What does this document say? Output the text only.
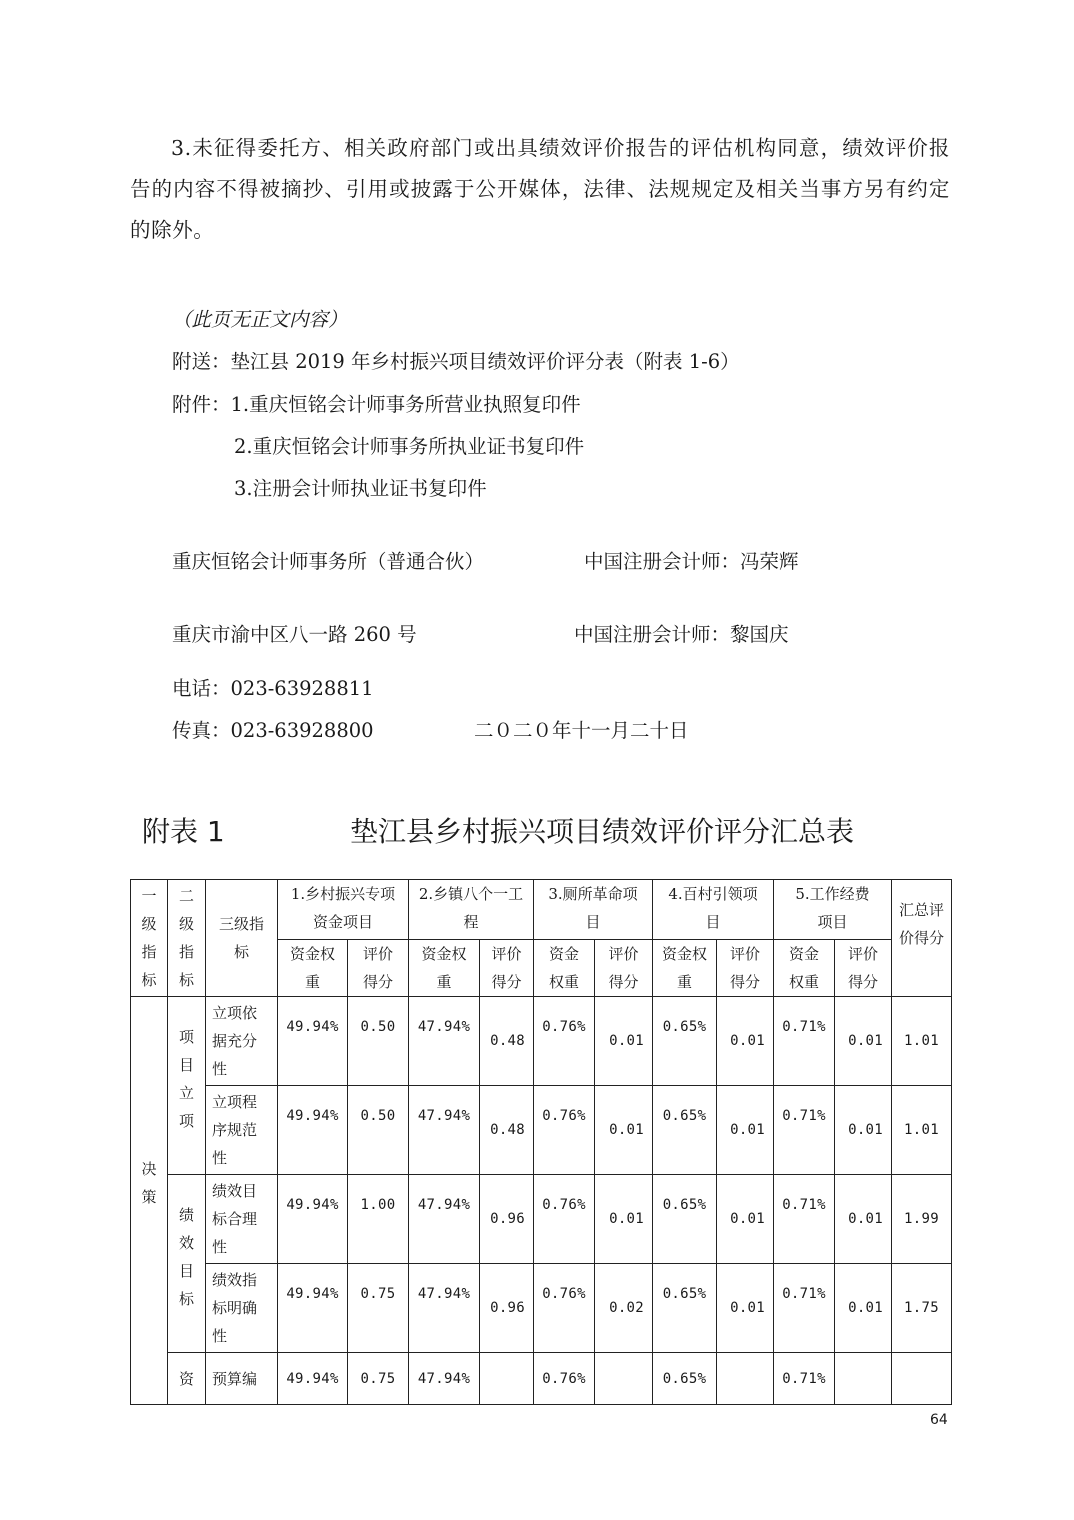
3.未征得委托方、相关政府部门或出具绩效评价报告的评估机构同意，绩效评价报告的内容不得被摘抄、引用或披露于公开媒体，法律、法规规定及相关当事方另有约定的除外。
（此页无正文内容）
附送：垫江县 2019 年乡村振兴项目绩效评价评分表（附表 1-6）
附件：1.重庆恒铭会计师事务所营业执照复印件
2.重庆恒铭会计师事务所执业证书复印件
3.注册会计师执业证书复印件
重庆恒铭会计师事务所（普通合伙）	中国注册会计师：冯荣辉
重庆市渝中区八一路 260 号	中国注册会计师：黎国庆
电话：023-63928811
传真：023-63928800	二０二０年十一月二十日
附表 1	垫江县乡村振兴项目绩效评价评分汇总表
一级指标	二级指标	三级指标	1.乡村振兴专项资金项目		2.乡镇八个一工程		3.厕所革命项目		4.百村引领项目		5.工作经费项目		汇总评价得分
			资金权重	评价得分	资金权重	评价得分	资金权重	评价得分	资金权重	评价得分	资金权重	评价得分	
决策	项目立项	立项依据充分性	49.94%	0.50	47.94%	0.48	0.76%	0.01	0.65%	0.01	0.71%	0.01	1.01
		立项程序规范性	49.94%	0.50	47.94%	0.48	0.76%	0.01	0.65%	0.01	0.71%	0.01	1.01
	绩效目标	绩效目标合理性	49.94%	1.00	47.94%	0.96	0.76%	0.01	0.65%	0.01	0.71%	0.01	1.99
		绩效指标明确性	49.94%	0.75	47.94%	0.96	0.76%	0.02	0.65%	0.01	0.71%	0.01	1.75
	资	预算编	49.94%	0.75	47.94%		0.76%		0.65%		0.71%		
64
